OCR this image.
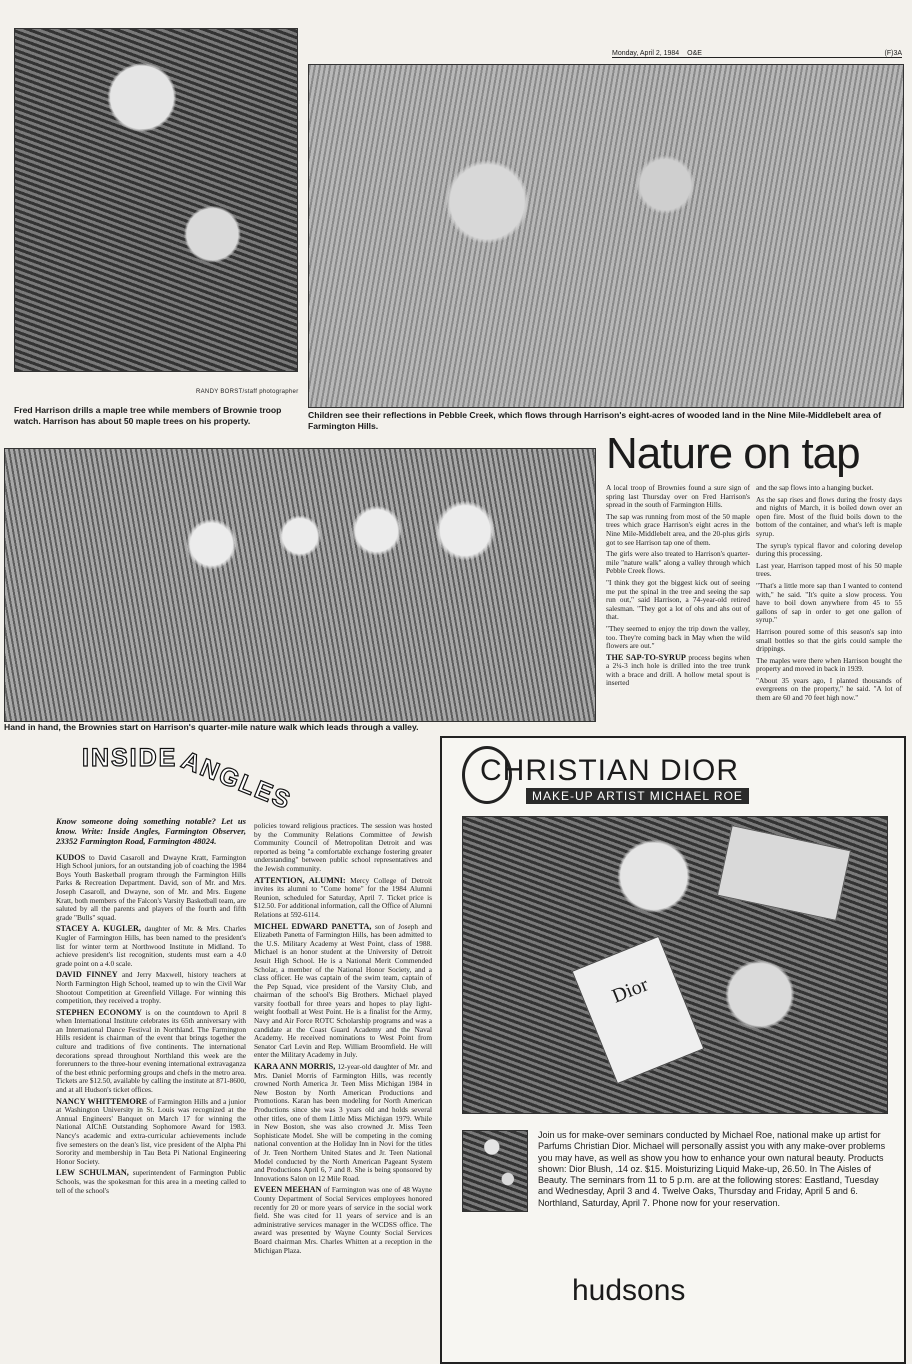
Monday, April 2, 1984 O&E	(F)3A
RANDY BORST/staff photographer
Fred Harrison drills a maple tree while members of Brownie troop watch. Harrison has about 50 maple trees on his property.
Children see their reflections in Pebble Creek, which flows through Harrison's eight-acres of wooded land in the Nine Mile-Middlebelt area of Farmington Hills.
Hand in hand, the Brownies start on Harrison's quarter-mile nature walk which leads through a valley.
Nature on tap

A local troop of Brownies found a sure sign of spring last Thursday over on Fred Harrison's spread in the south of Farmington Hills.

The sap was running from most of the 50 maple trees which grace Harrison's eight acres in the Nine Mile-Middlebelt area, and the 20-plus girls got to see Harrison tap one of them.

The girls were also treated to Harrison's quarter-mile "nature walk" along a valley through which Pebble Creek flows.

"I think they got the biggest kick out of seeing me put the spinal in the tree and seeing the sap run out," said Harrison, a 74-year-old retired salesman. "They got a lot of ohs and ahs out of that.

"They seemed to enjoy the trip down the valley, too. They're coming back in May when the wild flowers are out."

THE SAP-TO-SYRUP process begins when a 2¼-3 inch hole is drilled into the tree trunk with a brace and drill. A hollow metal spout is inserted

and the sap flows into a hanging bucket.

As the sap rises and flows during the frosty days and nights of March, it is boiled down over an open fire. Most of the fluid boils down to the bottom of the container, and what's left is maple syrup.

The syrup's typical flavor and coloring develop during this processing.

Last year, Harrison tapped most of his 50 maple trees.

"That's a little more sap than I wanted to contend with," he said. "It's quite a slow process. You have to boil down anywhere from 45 to 55 gallons of sap in order to get one gallon of syrup."

Harrison poured some of this season's sap into small bottles so that the girls could sample the drippings.

The maples were there when Harrison bought the property and moved in back in 1939.

"About 35 years ago, I planted thousands of evergreens on the property," he said. "A lot of them are 60 and 70 feet high now."

INSIDE ANGLES

Know someone doing something notable? Let us know. Write: Inside Angles, Farmington Observer, 23352 Farmington Road, Farmington 48024.

KUDOS to David Casaroll and Dwayne Kratt, Farmington High School juniors, for an outstanding job of coaching the 1984 Boys Youth Basketball program through the Farmington Hills Parks & Recreation Department. David, son of Mr. and Mrs. Joseph Casaroll, and Dwayne, son of Mr. and Mrs. Eugene Kratt, both members of the Falcon's Varsity Basketball team, are saluted by all the parents and players of the fourth and fifth grade "Bulls" squad.

STACEY A. KUGLER, daughter of Mr. & Mrs. Charles Kugler of Farmington Hills, has been named to the president's list for winter term at Northwood Institute in Midland. To achieve president's list recognition, students must earn a 4.0 grade point on a 4.0 scale.

DAVID FINNEY and Jerry Maxwell, history teachers at North Farmington High School, teamed up to win the Civil War Shootout Competition at Greenfield Village. For winning this competition, they received a trophy.

STEPHEN ECONOMY is on the countdown to April 8 when International Institute celebrates its 65th anniversary with an International Dance Festival in Northland. The Farmington Hills resident is chairman of the event that brings together the culture and traditions of five continents. The international decorations spread throughout Northland this week are the forerunners to the three-hour evening international extravaganza of the best ethnic performing groups and chefs in the metro area. Tickets are $12.50, available by calling the institute at 871-8600, and at all Hudson's ticket offices.

NANCY WHITTEMORE of Farmington Hills and a junior at Washington University in St. Louis was recognized at the Annual Engineers' Banquet on March 17 for winning the National AIChE Outstanding Sophomore Award for 1983. Nancy's academic and extra-curricular achievements include five semesters on the dean's list, vice president of the Alpha Phi Sorority and membership in Tau Beta Pi National Engineering Honor Society.

LEW SCHULMAN, superintendent of Farmington Public Schools, was the spokesman for this area in a meeting called to tell of the school's

policies toward religious practices. The session was hosted by the Community Relations Committee of Jewish Community Council of Metropolitan Detroit and was reported as being "a comfortable exchange fostering greater understanding" between public school representatives and the Jewish community.

ATTENTION, ALUMNI: Mercy College of Detroit invites its alumni to "Come home" for the 1984 Alumni Reunion, scheduled for Saturday, April 7. Ticket price is $12.50. For additional information, call the Office of Alumni Relations at 592-6114.

MICHEL EDWARD PANETTA, son of Joseph and Elizabeth Panetta of Farmington Hills, has been admitted to the U.S. Military Academy at West Point, class of 1988. Michael is an honor student at the University of Detroit Jesuit High School. He is a National Merit Commended Scholar, a member of the National Honor Society, and a class officer. He was captain of the swim team, captain of the Pep Squad, vice president of the Varsity Club, and chairman of the school's Big Brothers. Michael played varsity football for three years and hopes to play light-weight football at West Point. He is a finalist for the Army, Navy and Air Force ROTC Scholarship programs and was a candidate at the Coast Guard Academy and the Naval Academy. He received nominations to West Point from Senator Carl Levin and Rep. William Broomfield. He will enter the Military Academy in July.

KARA ANN MORRIS, 12-year-old daughter of Mr. and Mrs. Daniel Morris of Farmington Hills, was recently crowned North America Jr. Teen Miss Michigan 1984 in New Boston by North American Productions and Promotions. Karan has been modeling for North American Productions since she was 3 years old and holds several other titles, one of them Little Miss Michigan 1979. While in New Boston, she was also crowned Jr. Miss Teen Sophisticate Model. She will be competing in the coming national convention at the Holiday Inn in Novi for the titles of Jr. Teen Northern United States and Jr. Teen National Model conducted by the North American Pageant System and Productions April 6, 7 and 8. She is being sponsored by Innovations Salon on 12 Mile Road.

EVEEN MEEHAN of Farmington was one of 48 Wayne County Department of Social Services employees honored recently for 20 or more years of service in the social work field. She was cited for 11 years of service and is an administrative services manager in the WCDSS office. The award was presented by Wayne County Social Services Board chairman Mrs. Charles Whitten at a reception in the Michigan Plaza.

CHRISTIAN DIOR
MAKE-UP ARTIST MICHAEL ROE
Dior
Join us for make-over seminars conducted by Michael Roe, national make up artist for Parfums Christian Dior. Michael will personally assist you with any make-over problems you may have, as well as show you how to enhance your own natural beauty. Products shown: Dior Blush, .14 oz. $15. Moisturizing Liquid Make-up, 26.50. In The Aisles of Beauty. The seminars from 11 to 5 p.m. are at the following stores: Eastland, Tuesday and Wednesday, April 3 and 4. Twelve Oaks, Thursday and Friday, April 5 and 6. Northland, Saturday, April 7. Phone now for your reservation.
hudsons
